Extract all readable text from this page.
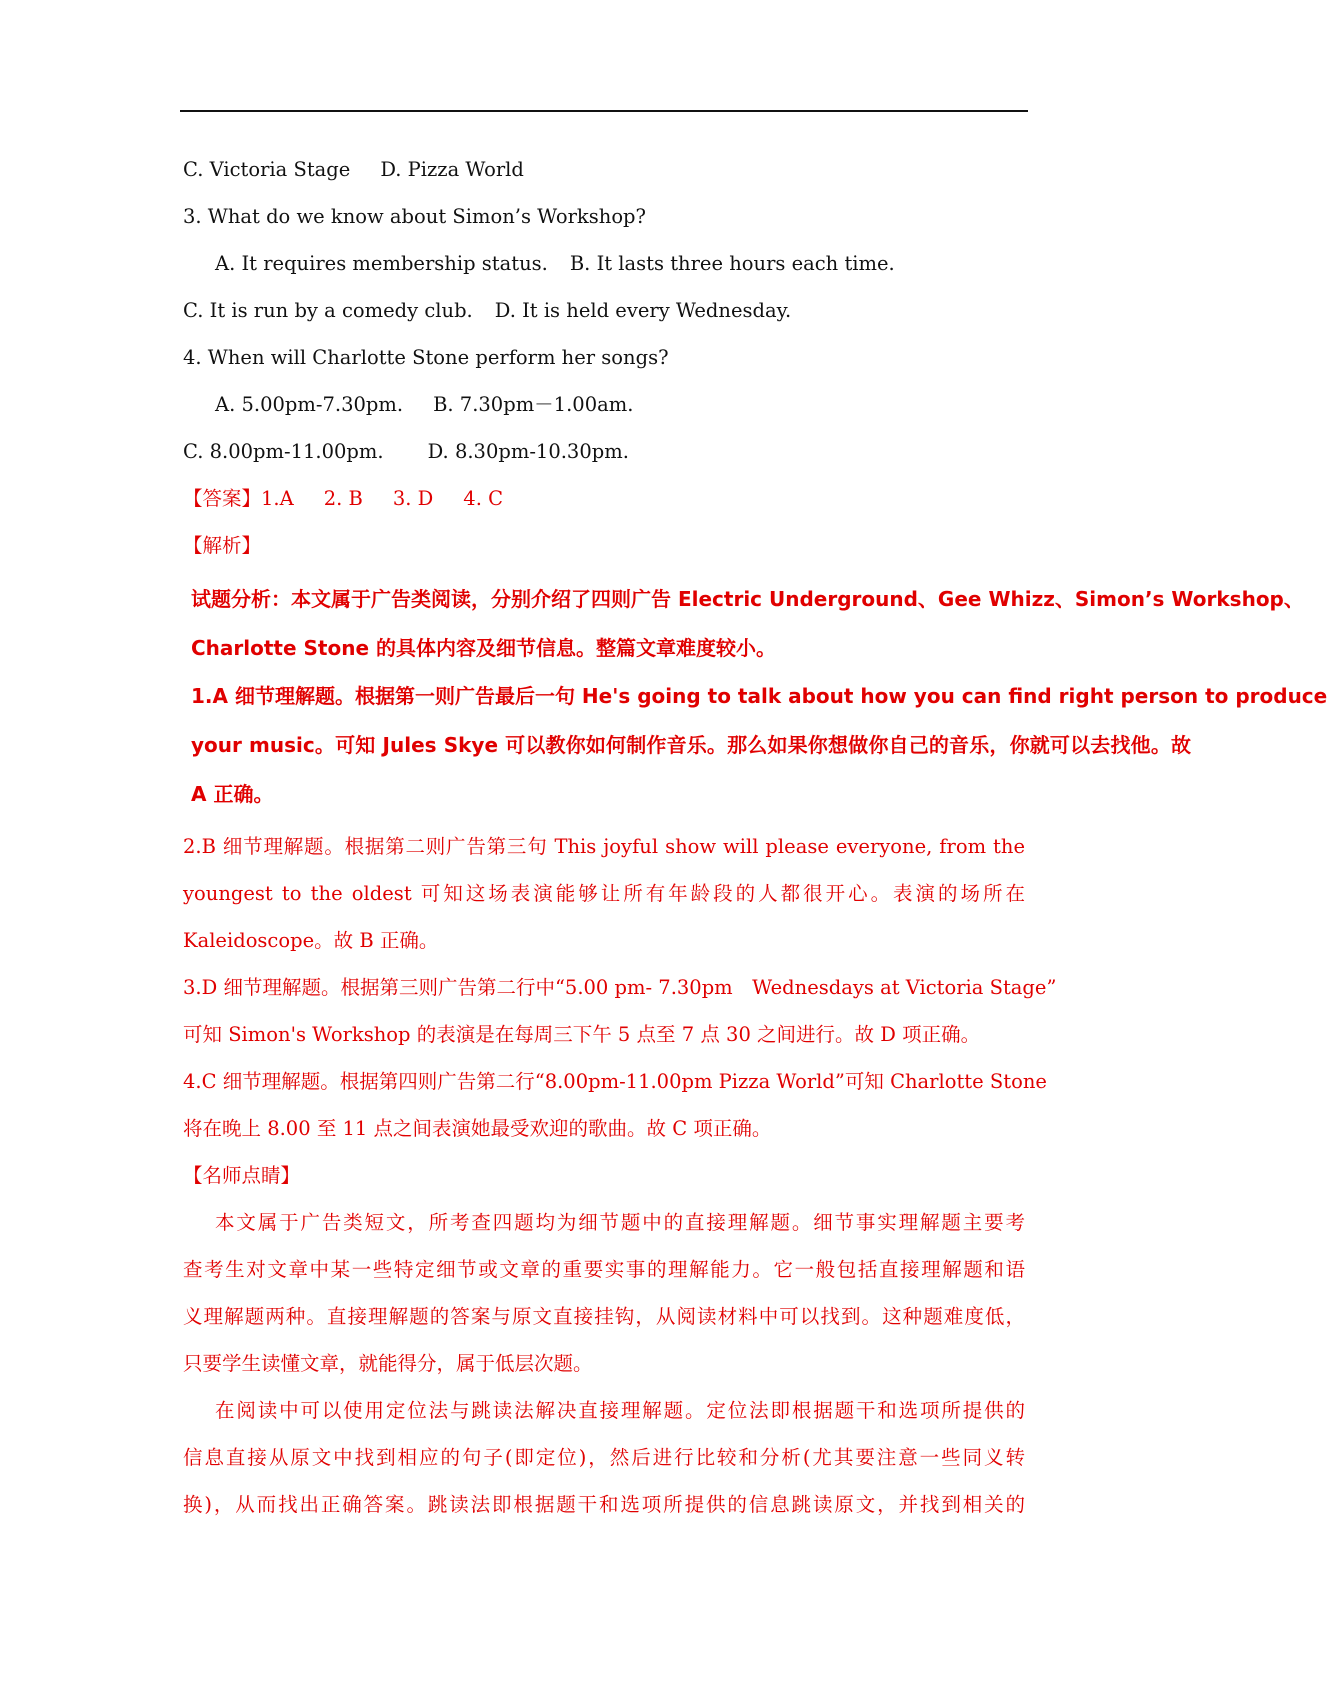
C. Victoria Stage D. Pizza World
3. What do we know about Simon’s Workshop?
A. It requires membership status. B. It lasts three hours each time.
C. It is run by a comedy club. D. It is held every Wednesday.
4. When will Charlotte Stone perform her songs?
A. 5.00pm-7.30pm. B. 7.30pm－1.00am.
C. 8.00pm-11.00pm. D. 8.30pm-10.30pm.
【答案】1.A 2. B 3. D 4. C
【解析】
试题分析：本文属于广告类阅读，分别介绍了四则广告 Electric Underground、Gee Whizz、Simon’s Workshop、
Charlotte Stone 的具体内容及细节信息。整篇文章难度较小。
1.A 细节理解题。根据第一则广告最后一句 He's going to talk about how you can find right person to produce
your music。可知 Jules Skye 可以教你如何制作音乐。那么如果你想做你自己的音乐，你就可以去找他。故
A 正确。
2.B 细节理解题。根据第二则广告第三句 This joyful show will please everyone, from the
youngest to the oldest 可知这场表演能够让所有年龄段的人都很开心。表演的场所在
Kaleidoscope。故 B 正确。
3.D 细节理解题。根据第三则广告第二行中“5.00 pm- 7.30pm　Wednesdays at Victoria Stage”
可知 Simon's Workshop 的表演是在每周三下午 5 点至 7 点 30 之间进行。故 D 项正确。
4.C 细节理解题。根据第四则广告第二行“8.00pm-11.00pm Pizza World”可知 Charlotte Stone
将在晚上 8.00 至 11 点之间表演她最受欢迎的歌曲。故 C 项正确。
【名师点睛】
本文属于广告类短文，所考查四题均为细节题中的直接理解题。细节事实理解题主要考
查考生对文章中某一些特定细节或文章的重要实事的理解能力。它一般包括直接理解题和语
义理解题两种。直接理解题的答案与原文直接挂钩，从阅读材料中可以找到。这种题难度低，
只要学生读懂文章，就能得分，属于低层次题。
在阅读中可以使用定位法与跳读法解决直接理解题。定位法即根据题干和选项所提供的
信息直接从原文中找到相应的句子(即定位)，然后进行比较和分析(尤其要注意一些同义转
换)，从而找出正确答案。跳读法即根据题干和选项所提供的信息跳读原文，并找到相关的
